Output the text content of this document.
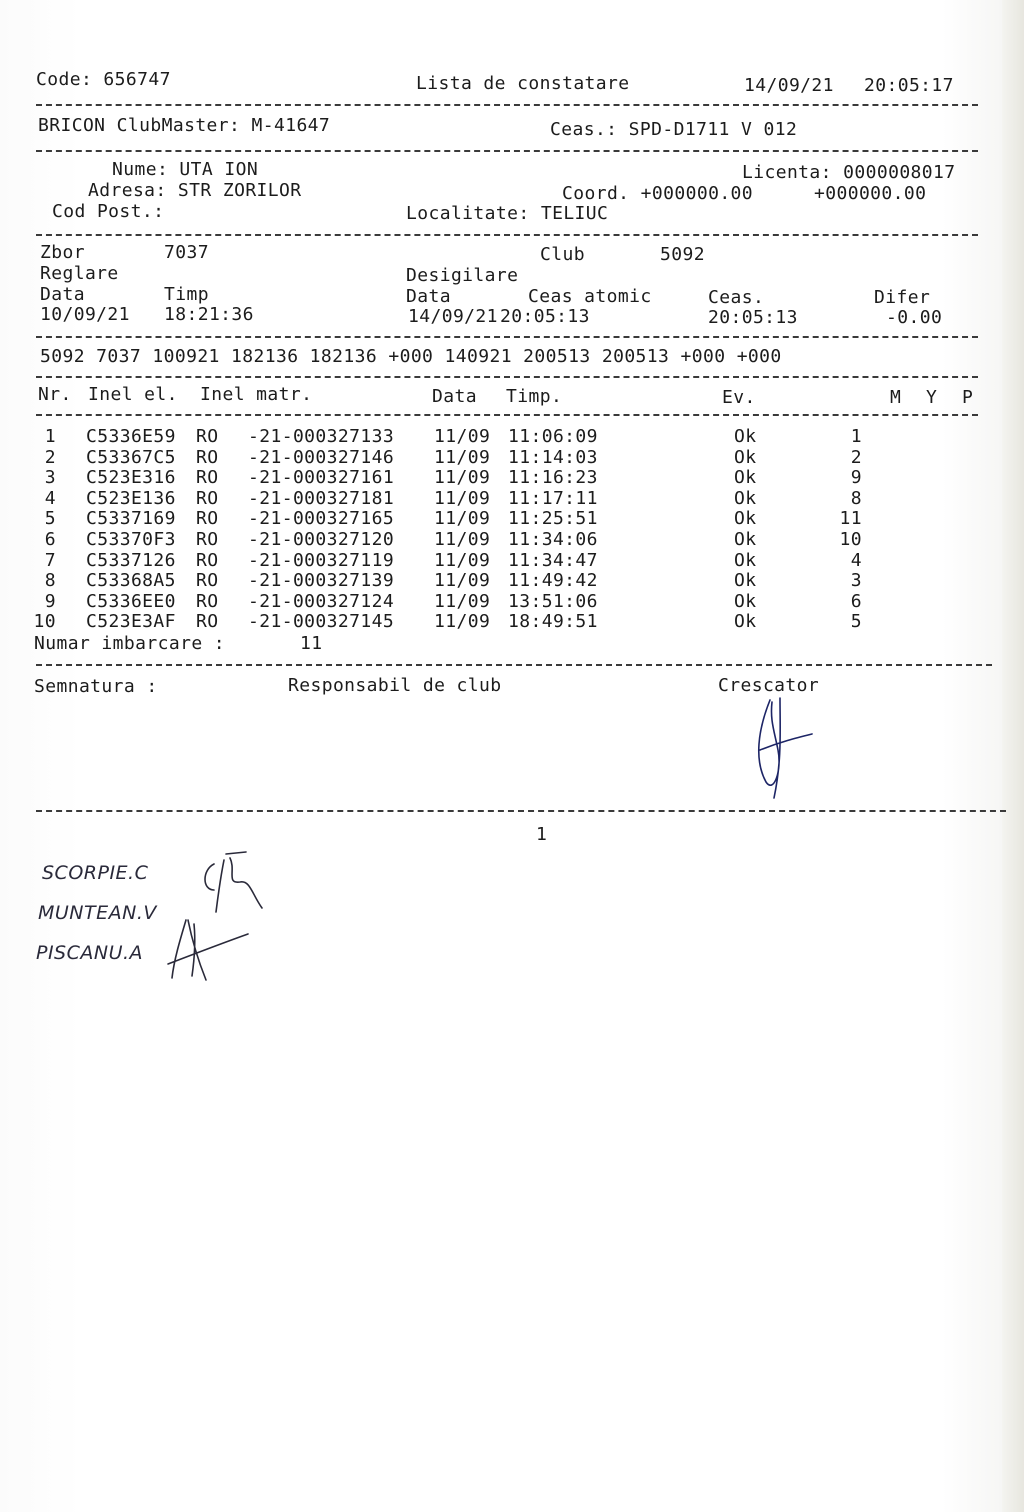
Code: 656747	Lista de constatare	14/09/21 20:05:17
BRICON ClubMaster: M-41647	Ceas.: SPD-D1711 V 012
Nume: UTA ION	Licenta: 0000008017
Adresa: STR ZORILOR	Coord. +000000.00	+000000.00
Cod Post.:	Localitate: TELIUC
Zbor	7037	Club	5092
Reglare	Desigilare
Data	Timp	Data	Ceas atomic	Ceas.	Difer
10/09/21 18:21:36	14/09/21 20:05:13	20:05:13	-0.00
5092 7037 100921 182136 182136 +000 140921 200513 200513 +000 +000
Nr. Inel el. Inel matr.	Data Timp.	Ev.	M Y P
1 C5336E59 RO -21-000327133 11/09 11:06:09	Ok	1
2 C53367C5 RO -21-000327146 11/09 11:14:03	Ok	2
3 C523E316 RO -21-000327161 11/09 11:16:23	Ok	9
4 C523E136 RO -21-000327181 11/09 11:17:11	Ok	8
5 C5337169 RO -21-000327165 11/09 11:25:51	Ok	11
6 C53370F3 RO -21-000327120 11/09 11:34:06	Ok	10
7 C5337126 RO -21-000327119 11/09 11:34:47	Ok	4
8 C53368A5 RO -21-000327139 11/09 11:49:42	Ok	3
9 C5336EE0 RO -21-000327124 11/09 13:51:06	Ok	6
10 C523E3AF RO -21-000327145 11/09 18:49:51	Ok	5
Numar imbarcare :	11
Semnatura :	Responsabil de club	Crescator
1
SCORPIE.C
MUNTEAN.V
PISCANU.A
